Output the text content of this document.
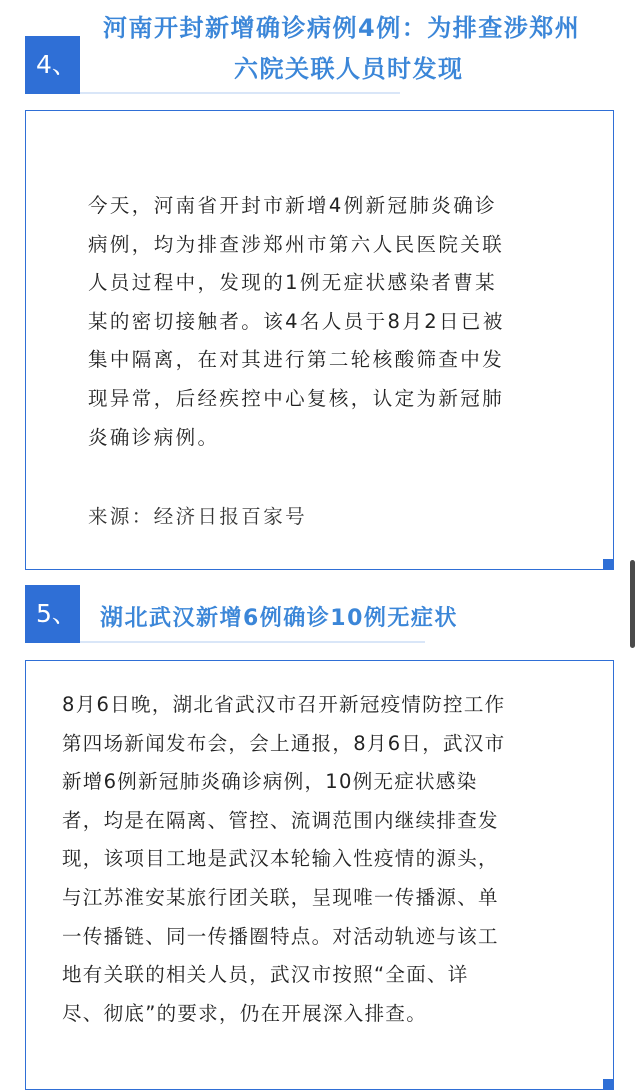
4、
河南开封新增确诊病例4例：为排查涉郑州
六院关联人员时发现
今天，河南省开封市新增4例新冠肺炎确诊
病例，均为排查涉郑州市第六人民医院关联
人员过程中，发现的1例无症状感染者曹某
某的密切接触者。该4名人员于8月2日已被
集中隔离，在对其进行第二轮核酸筛查中发
现异常，后经疾控中心复核，认定为新冠肺
炎确诊病例。
来源：经济日报百家号
5、 湖北武汉新增6例确诊10例无症状
8月6日晚，湖北省武汉市召开新冠疫情防控工作
第四场新闻发布会，会上通报，8月6日，武汉市
新增6例新冠肺炎确诊病例，10例无症状感染
者，均是在隔离、管控、流调范围内继续排查发
现，该项目工地是武汉本轮输入性疫情的源头，
与江苏淮安某旅行团关联，呈现唯一传播源、单
一传播链、同一传播圈特点。对活动轨迹与该工
地有关联的相关人员，武汉市按照“全面、详
尽、彻底”的要求，仍在开展深入排查。
